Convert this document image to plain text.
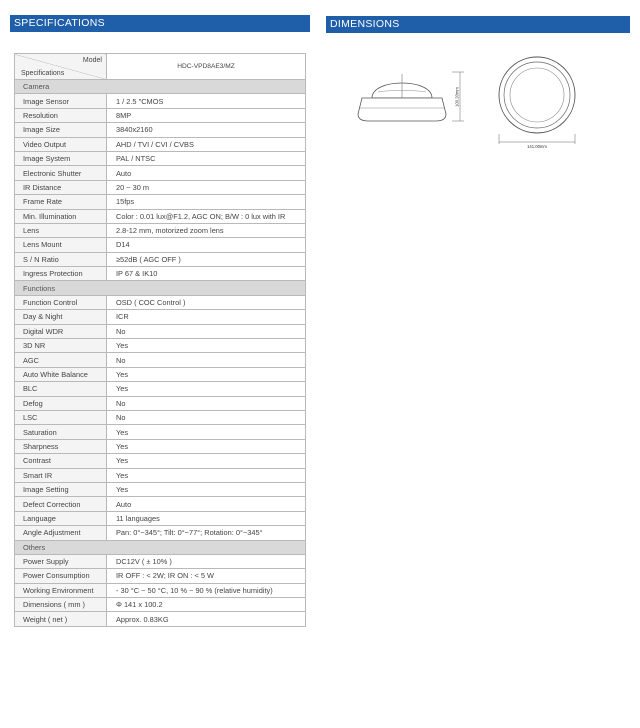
SPECIFICATIONS	DIMENSIONS
Model
Specifications	HDC-VPD8AE3/MZ
Camera	
Image Sensor	1 / 2.5 "CMOS
Resolution	8MP
Image Size	3840x2160
Video Output	AHD / TVI / CVI / CVBS
Image System	PAL / NTSC
Electronic Shutter	Auto
IR Distance	20 ~ 30 m
Frame Rate	15fps
Min. Illumination	Color : 0.01 lux@F1.2, AGC ON; B/W : 0 lux with IR
Lens	2.8-12 mm, motorized zoom lens
Lens Mount	D14
S / N Ratio	≥52dB ( AGC OFF )
Ingress Protection	IP 67 & IK10
Functions	
Function Control	OSD ( COC Control )
Day & Night	ICR
Digital WDR	No
3D NR	Yes
AGC	No
Auto White Balance	Yes
BLC	Yes
Defog	No
LSC	No
Saturation	Yes
Sharpness	Yes
Contrast	Yes
Smart IR	Yes
Image Setting	Yes
Defect Correction	Auto
Language	11 languages
Angle Adjustment	Pan: 0°~345°; Tilt: 0°~77°; Rotation: 0°~345°
Others	
Power Supply	DC12V ( ± 10% )
Power Consumption	IR OFF : < 2W; IR ON : < 5 W
Working Environment	- 30 °C ~ 50 °C, 10 % ~ 90 % (relative humidity)
Dimensions ( mm )	Φ 141 x 100.2
Weight ( net )	Approx. 0.83KG
100.20mm
141.00mm
